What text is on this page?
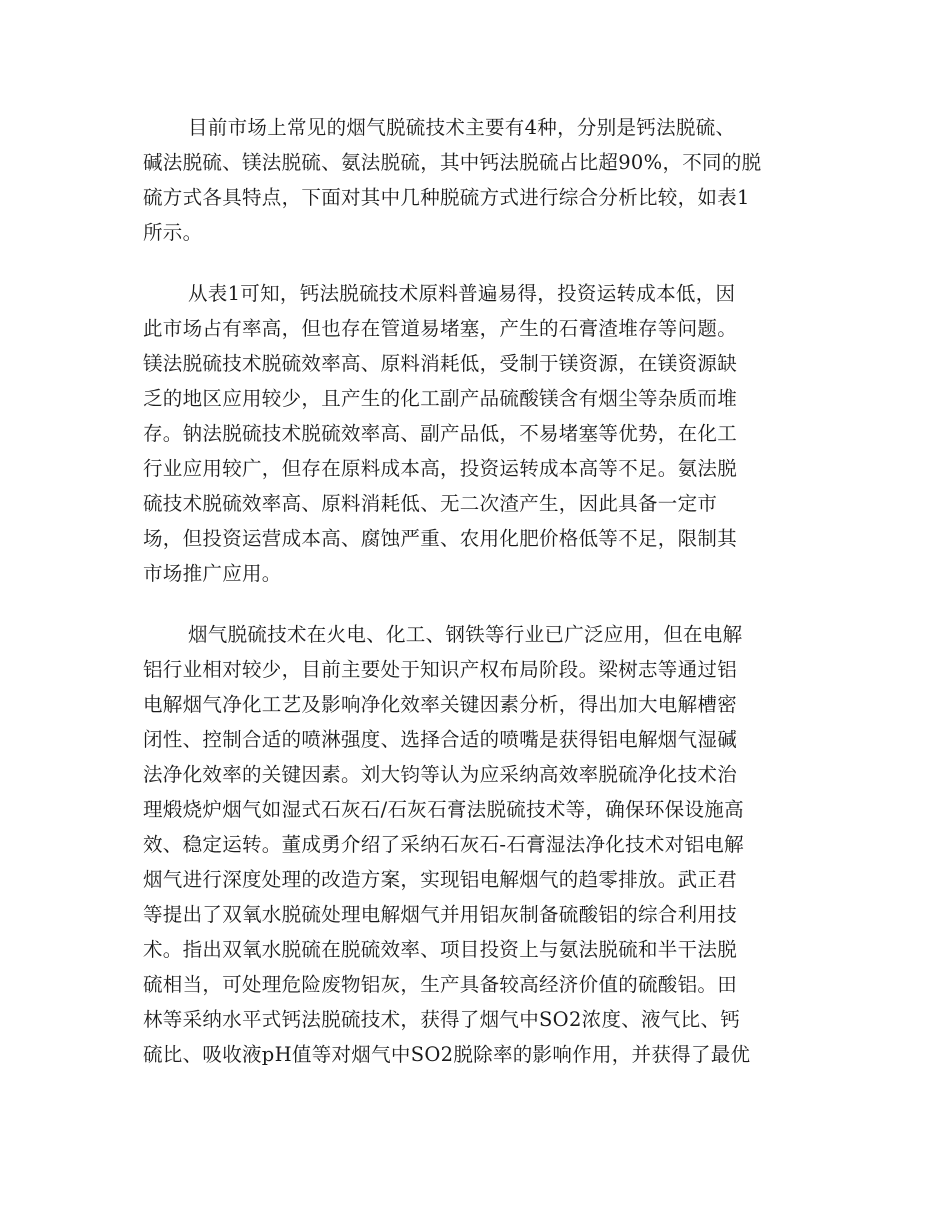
目前市场上常见的烟气脱硫技术主要有4种，分别是钙法脱硫、
碱法脱硫、镁法脱硫、氨法脱硫，其中钙法脱硫占比超90%，不同的脱
硫方式各具特点，下面对其中几种脱硫方式进行综合分析比较，如表1
所示。
从表1可知，钙法脱硫技术原料普遍易得，投资运转成本低，因
此市场占有率高，但也存在管道易堵塞，产生的石膏渣堆存等问题。
镁法脱硫技术脱硫效率高、原料消耗低，受制于镁资源，在镁资源缺
乏的地区应用较少，且产生的化工副产品硫酸镁含有烟尘等杂质而堆
存。钠法脱硫技术脱硫效率高、副产品低，不易堵塞等优势，在化工
行业应用较广，但存在原料成本高，投资运转成本高等不足。氨法脱
硫技术脱硫效率高、原料消耗低、无二次渣产生，因此具备一定市
场，但投资运营成本高、腐蚀严重、农用化肥价格低等不足，限制其
市场推广应用。
烟气脱硫技术在火电、化工、钢铁等行业已广泛应用，但在电解
铝行业相对较少，目前主要处于知识产权布局阶段。梁树志等通过铝
电解烟气净化工艺及影响净化效率关键因素分析，得出加大电解槽密
闭性、控制合适的喷淋强度、选择合适的喷嘴是获得铝电解烟气湿碱
法净化效率的关键因素。刘大钧等认为应采纳高效率脱硫净化技术治
理煅烧炉烟气如湿式石灰石/石灰石膏法脱硫技术等，确保环保设施高
效、稳定运转。董成勇介绍了采纳石灰石-石膏湿法净化技术对铝电解
烟气进行深度处理的改造方案，实现铝电解烟气的趋零排放。武正君
等提出了双氧水脱硫处理电解烟气并用铝灰制备硫酸铝的综合利用技
术。指出双氧水脱硫在脱硫效率、项目投资上与氨法脱硫和半干法脱
硫相当，可处理危险废物铝灰，生产具备较高经济价值的硫酸铝。田
林等采纳水平式钙法脱硫技术，获得了烟气中SO2浓度、液气比、钙
硫比、吸收液pH值等对烟气中SO2脱除率的影响作用，并获得了最优
